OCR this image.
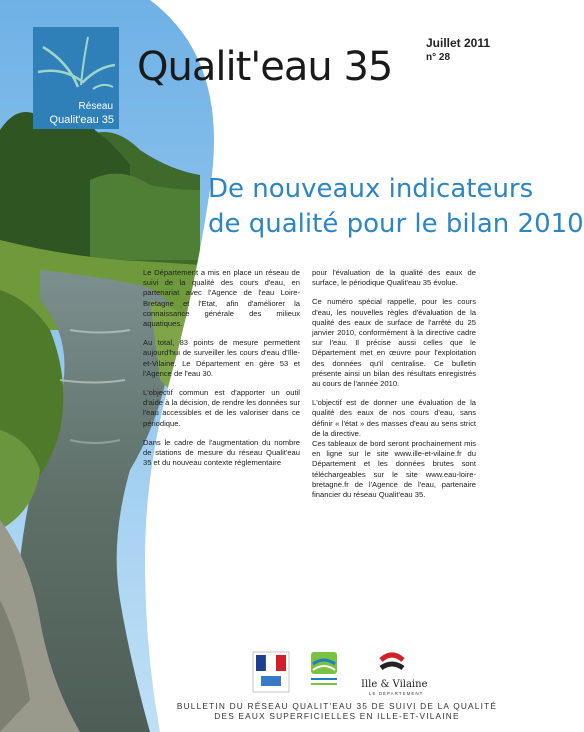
Réseau
Qualit'eau 35
Qualit'eau 35
Juillet 2011
n° 28
De nouveaux indicateurs
de qualité pour le bilan 2010

Le Département a mis en place un réseau de suivi de la qualité des cours d'eau, en partenariat avec l'Agence de l'eau Loire-Bretagne et l'Etat, afin d'améliorer la connaissance générale des milieux aquatiques.

Au total, 83 points de mesure permettent aujourd'hui de surveiller les cours d'eau d'Ille-et-Vilaine. Le Département en gère 53 et l'Agence de l'eau 30.

L'objectif commun est d'apporter un outil d'aide à la décision, de rendre les données sur l'eau accessibles et de les valoriser dans ce périodique.

Dans le cadre de l'augmentation du nombre de stations de mesure du réseau Qualit'eau 35 et du nouveau contexte réglementaire

pour l'évaluation de la qualité des eaux de surface, le périodique Qualit'eau 35 évolue.

Ce numéro spécial rappelle, pour les cours d'eau, les nouvelles règles d'évaluation de la qualité des eaux de surface de l'arrêté du 25 janvier 2010, conformément à la directive cadre sur l'eau. Il précise aussi celles que le Département met en œuvre pour l'exploitation des données qu'il centralise. Ce bulletin présente ainsi un bilan des résultats enregistrés au cours de l'année 2010.

L'objectif est de donner une évaluation de la qualité des eaux de nos cours d'eau, sans définir « l'état » des masses d'eau au sens strict de la directive.

Ces tableaux de bord seront prochainement mis en ligne sur le site www.ille-et-vilaine.fr du Département et les données brutes sont téléchargeables sur le site www.eau-loire-bretagne.fr de l'Agence de l'eau, partenaire financier du réseau Qualit'eau 35.

Ille & Vilaine
LE DÉPARTEMENT
BULLETIN DU RÉSEAU QUALIT'EAU 35 DE SUIVI DE LA QUALITÉ
DES EAUX SUPERFICIELLES EN ILLE-ET-VILAINE
